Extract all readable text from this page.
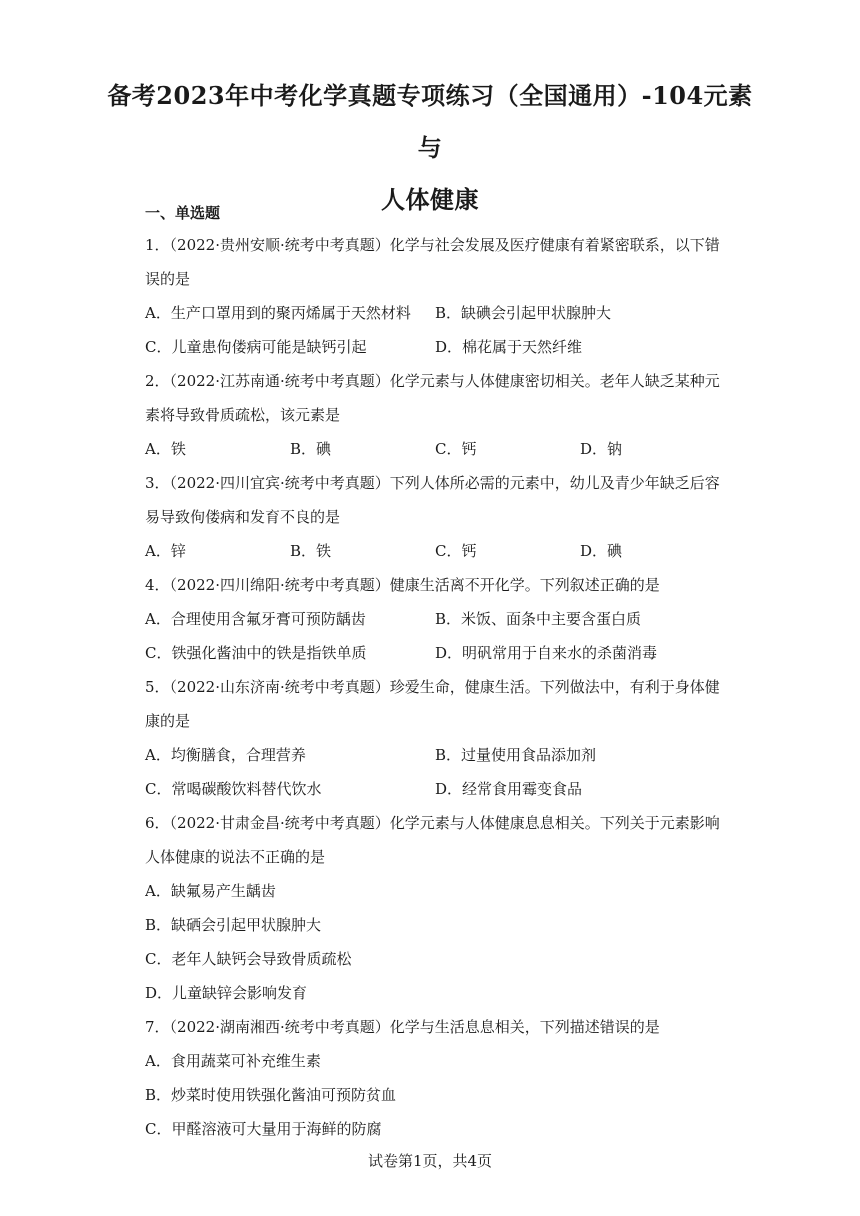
备考2023年中考化学真题专项练习（全国通用）-104元素与
人体健康
一、单选题
1．（2022·贵州安顺·统考中考真题）化学与社会发展及医疗健康有着紧密联系，以下错
误的是
A．生产口罩用到的聚丙烯属于天然材料	B．缺碘会引起甲状腺肿大
C．儿童患佝偻病可能是缺钙引起	D．棉花属于天然纤维
2．（2022·江苏南通·统考中考真题）化学元素与人体健康密切相关。老年人缺乏某种元
素将导致骨质疏松，该元素是
A．铁	B．碘	C．钙	D．钠
3．（2022·四川宜宾·统考中考真题）下列人体所必需的元素中，幼儿及青少年缺乏后容
易导致佝偻病和发育不良的是
A．锌	B．铁	C．钙	D．碘
4．（2022·四川绵阳·统考中考真题）健康生活离不开化学。下列叙述正确的是
A．合理使用含氟牙膏可预防龋齿	B．米饭、面条中主要含蛋白质
C．铁强化酱油中的铁是指铁单质	D．明矾常用于自来水的杀菌消毒
5．（2022·山东济南·统考中考真题）珍爱生命，健康生活。下列做法中，有利于身体健
康的是
A．均衡膳食，合理营养	B．过量使用食品添加剂
C．常喝碳酸饮料替代饮水	D．经常食用霉变食品
6．（2022·甘肃金昌·统考中考真题）化学元素与人体健康息息相关。下列关于元素影响
人体健康的说法不正确的是
A．缺氟易产生龋齿
B．缺硒会引起甲状腺肿大
C．老年人缺钙会导致骨质疏松
D．儿童缺锌会影响发育
7．（2022·湖南湘西·统考中考真题）化学与生活息息相关，下列描述错误的是
A．食用蔬菜可补充维生素
B．炒菜时使用铁强化酱油可预防贫血
C．甲醛溶液可大量用于海鲜的防腐
试卷第1页，共4页
